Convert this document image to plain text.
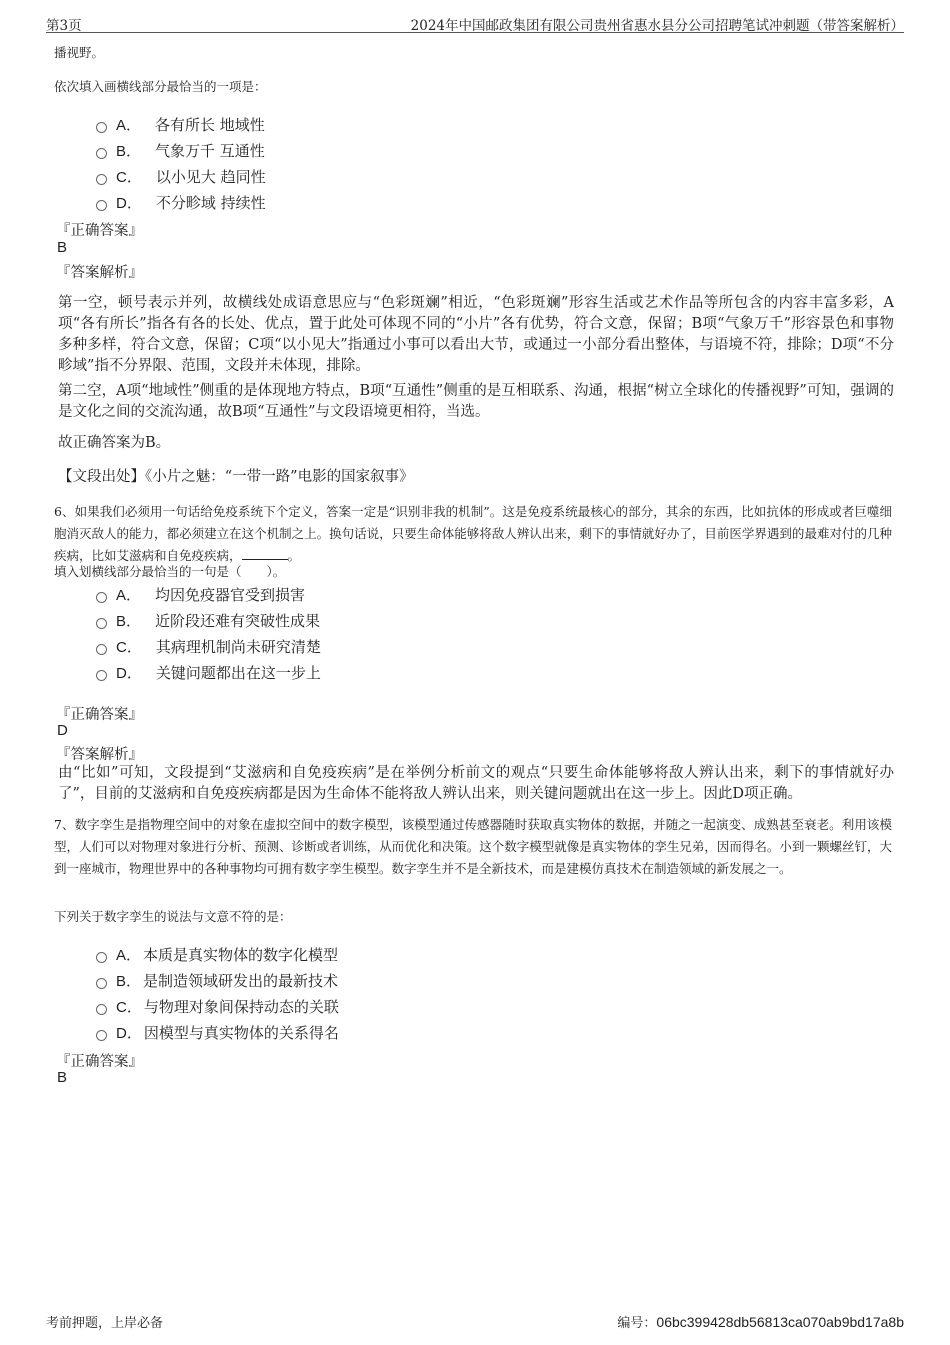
第3页	2024年中国邮政集团有限公司贵州省惠水县分公司招聘笔试冲刺题（带答案解析）
播视野。
依次填入画横线部分最恰当的一项是：
A． 各有所长 地域性
B． 气象万千 互通性
C． 以小见大 趋同性
D． 不分畛域 持续性
『正确答案』
B
『答案解析』
第一空，顿号表示并列，故横线处成语意思应与“色彩斑斓”相近，“色彩斑斓”形容生活或艺术作品等所包含的内容丰富多彩，A项“各有所长”指各有各的长处、优点，置于此处可体现不同的“小片”各有优势，符合文意，保留；B项“气象万千”形容景色和事物多种多样，符合文意，保留；C项“以小见大”指通过小事可以看出大节，或通过一小部分看出整体，与语境不符，排除；D项“不分畛域”指不分界限、范围，文段并未体现，排除。
第二空，A项“地域性”侧重的是体现地方特点，B项“互通性”侧重的是互相联系、沟通，根据“树立全球化的传播视野”可知，强调的是文化之间的交流沟通，故B项“互通性”与文段语境更相符，当选。
故正确答案为B。
【文段出处】《小片之魅：“一带一路”电影的国家叙事》
6、如果我们必须用一句话给免疫系统下个定义，答案一定是“识别非我的机制”。这是免疫系统最核心的部分，其余的东西，比如抗体的形成或者巨噬细胞消灭敌人的能力，都必须建立在这个机制之上。换句话说，只要生命体能够将敌人辨认出来，剩下的事情就好办了，目前医学界遇到的最难对付的几种疾病，比如艾滋病和自免疫疾病，	。
填入划横线部分最恰当的一句是（　　）。
A． 均因免疫器官受到损害
B． 近阶段还难有突破性成果
C． 其病理机制尚未研究清楚
D． 关键问题都出在这一步上
『正确答案』
D
『答案解析』
由“比如”可知，文段提到“艾滋病和自免疫疾病”是在举例分析前文的观点“只要生命体能够将敌人辨认出来，剩下的事情就好办了”，目前的艾滋病和自免疫疾病都是因为生命体不能将敌人辨认出来，则关键问题就出在这一步上。因此D项正确。
7、数字孪生是指物理空间中的对象在虚拟空间中的数字模型，该模型通过传感器随时获取真实物体的数据，并随之一起演变、成熟甚至衰老。利用该模型，人们可以对物理对象进行分析、预测、诊断或者训练，从而优化和决策。这个数字模型就像是真实物体的孪生兄弟，因而得名。小到一颗螺丝钉，大到一座城市，物理世界中的各种事物均可拥有数字孪生模型。数字孪生并不是全新技术，而是建模仿真技术在制造领域的新发展之一。
下列关于数字孪生的说法与文意不符的是：
A． 本质是真实物体的数字化模型
B． 是制造领域研发出的最新技术
C． 与物理对象间保持动态的关联
D． 因模型与真实物体的关系得名
『正确答案』
B
考前押题，上岸必备	编号：06bc399428db56813ca070ab9bd17a8b
